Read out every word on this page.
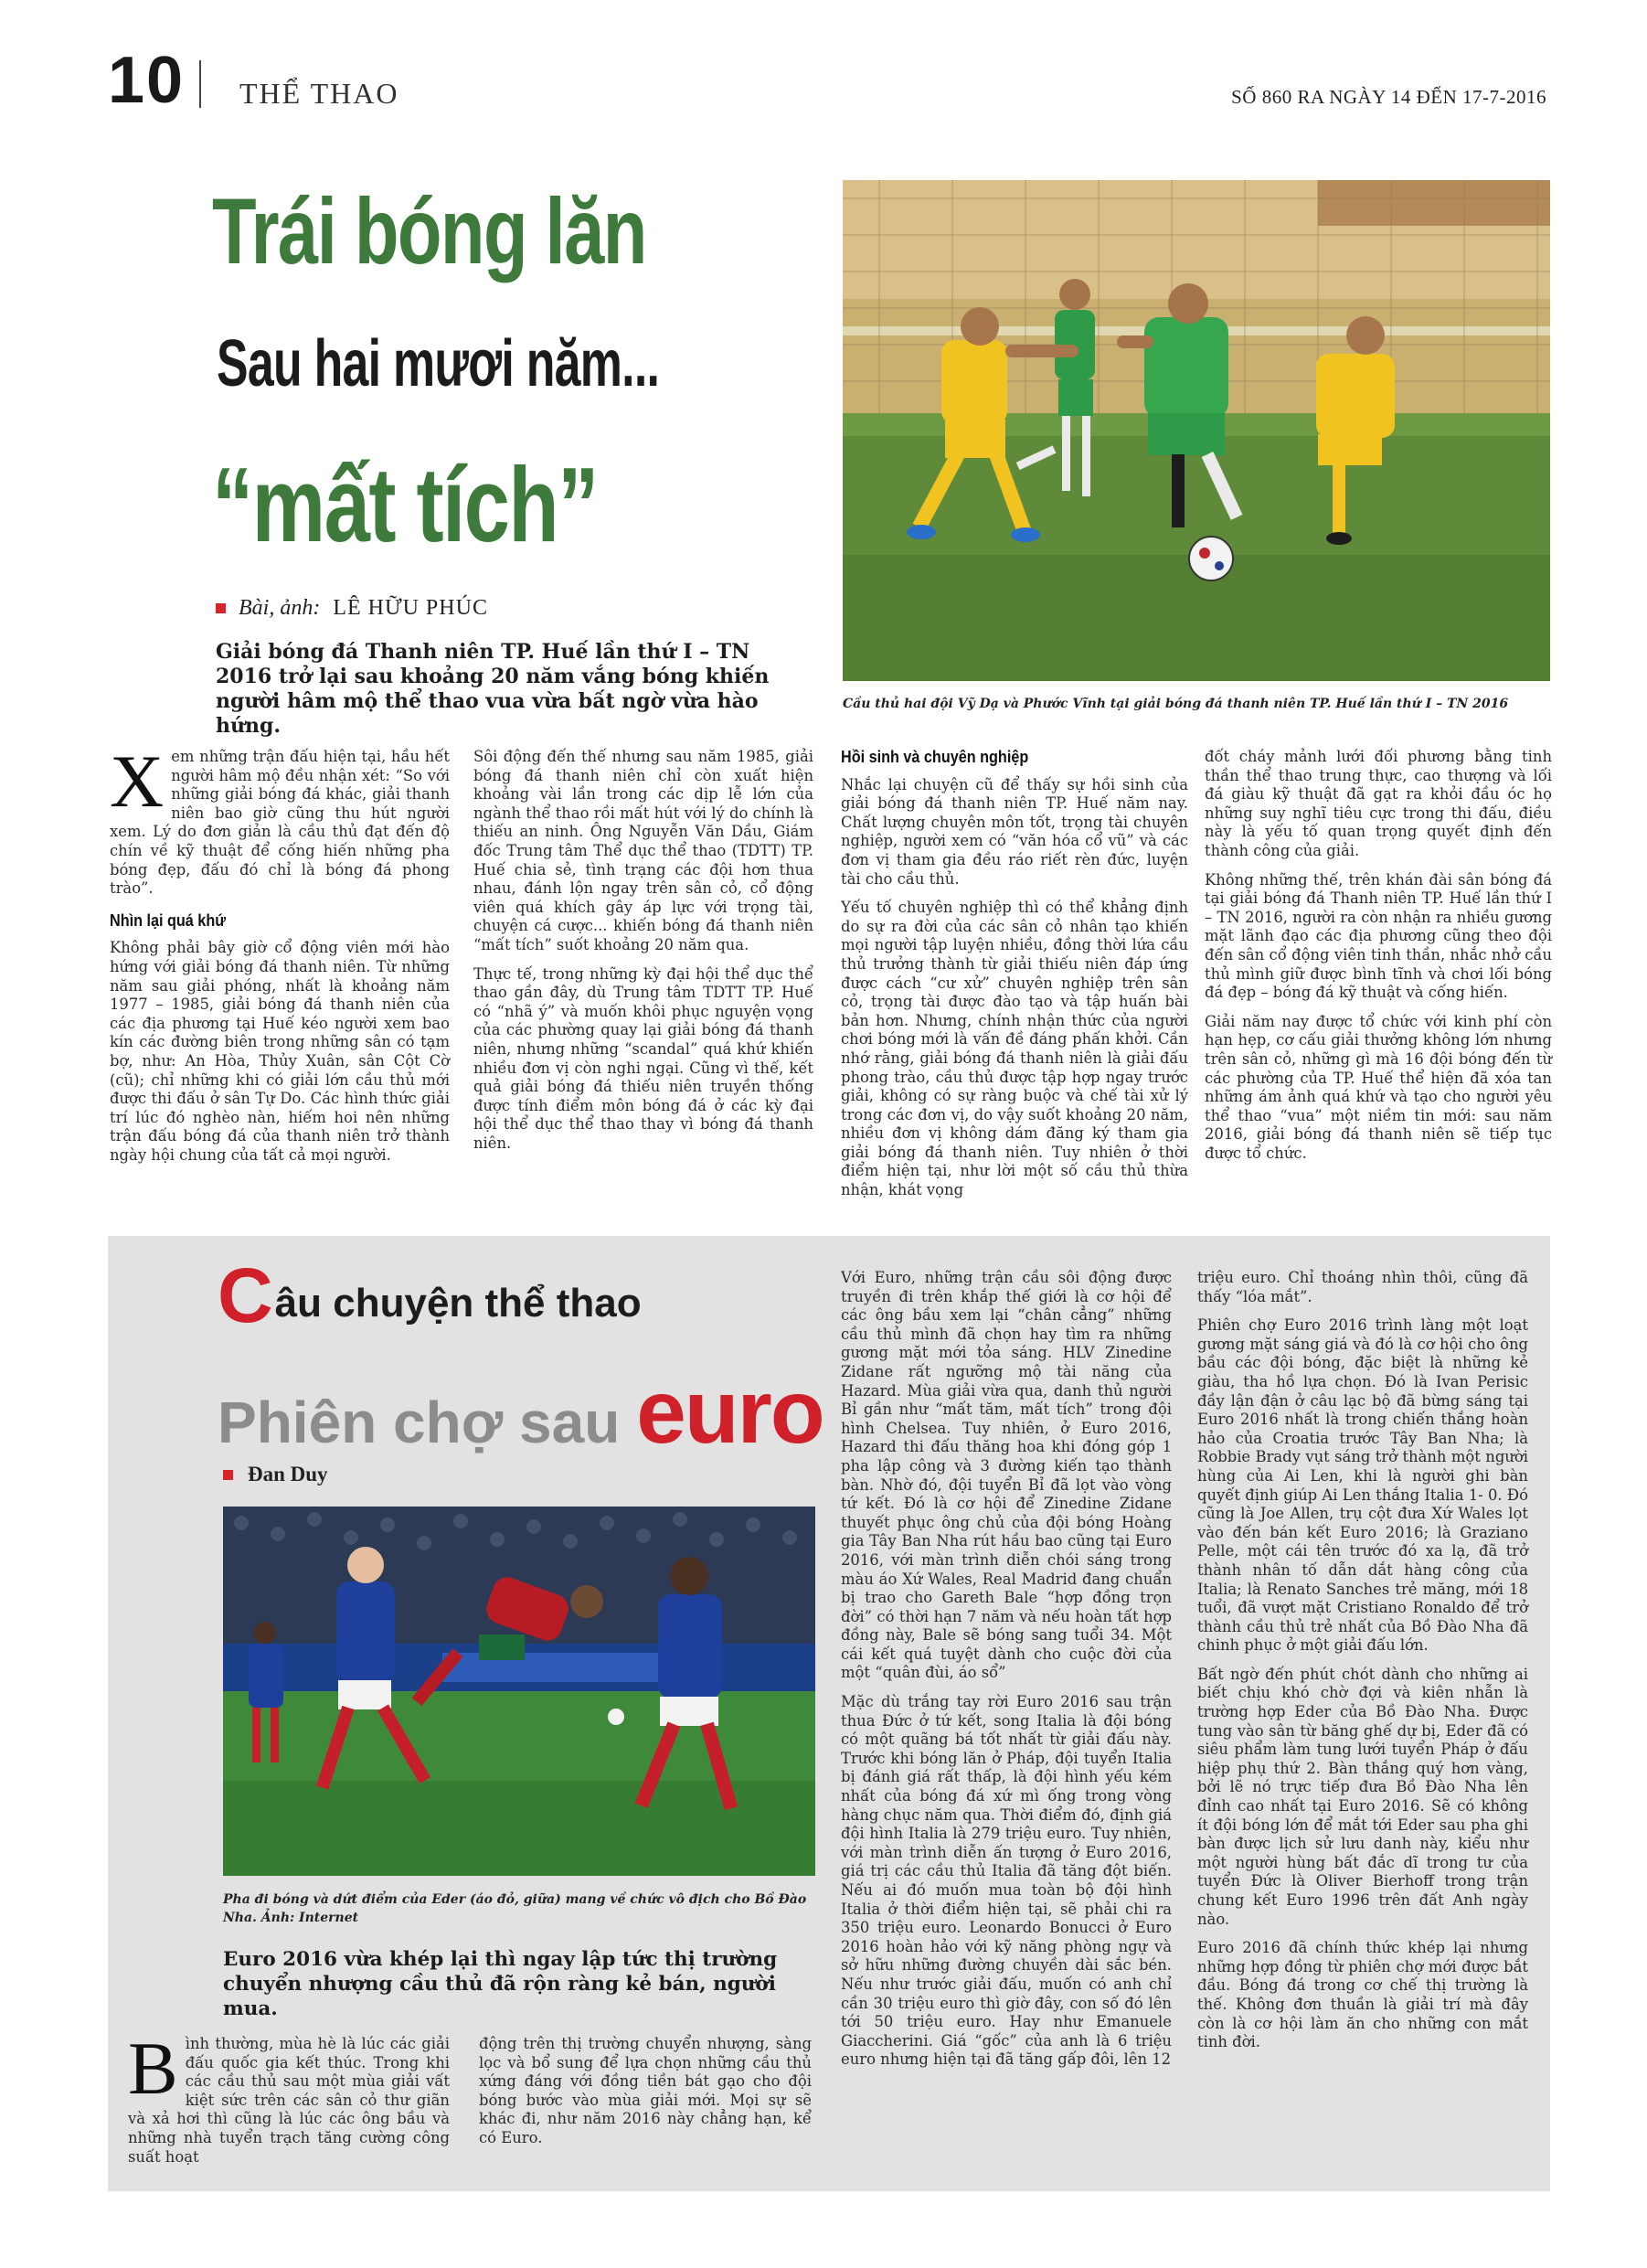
10 THỂ THAO	SỐ 860 RA NGÀY 14 ĐẾN 17-7-2016
Trái bóng lăn
Sau hai mươi năm...
“mất tích”
Bài, ảnh: LÊ HỮU PHÚC
Giải bóng đá Thanh niên TP. Huế lần thứ I – TN 2016 trở lại sau khoảng 20 năm vắng bóng khiến người hâm mộ thể thao vua vừa bất ngờ vừa hào hứng.
Cầu thủ hai đội Vỹ Dạ và Phước Vĩnh tại giải bóng đá thanh niên TP. Huế lần thứ I – TN 2016

Xem những trận đấu hiện tại, hầu hết người hâm mộ đều nhận xét: “So với những giải bóng đá khác, giải thanh niên bao giờ cũng thu hút người xem. Lý do đơn giản là cầu thủ đạt đến độ chín về kỹ thuật để cống hiến những pha bóng đẹp, đấu đó chỉ là bóng đá phong trào”.

Nhìn lại quá khứ

Không phải bây giờ cổ động viên mới hào hứng với giải bóng đá thanh niên. Từ những năm sau giải phóng, nhất là khoảng năm 1977 – 1985, giải bóng đá thanh niên của các địa phương tại Huế kéo người xem bao kín các đường biên trong những sân có tạm bợ, như: An Hòa, Thủy Xuân, sân Cột Cờ (cũ); chỉ những khi có giải lớn cầu thủ mới được thi đấu ở sân Tự Do. Các hình thức giải trí lúc đó nghèo nàn, hiếm hoi nên những trận đấu bóng đá của thanh niên trở thành ngày hội chung của tất cả mọi người.

Sôi động đến thế nhưng sau năm 1985, giải bóng đá thanh niên chỉ còn xuất hiện khoảng vài lần trong các dịp lễ lớn của ngành thể thao rồi mất hút với lý do chính là thiếu an ninh. Ông Nguyễn Văn Dầu, Giám đốc Trung tâm Thể dục thể thao (TDTT) TP. Huế chia sẻ, tình trạng các đội hơn thua nhau, đánh lộn ngay trên sân cỏ, cổ động viên quá khích gây áp lực với trọng tài, chuyện cá cược... khiến bóng đá thanh niên “mất tích” suốt khoảng 20 năm qua.

Thực tế, trong những kỳ đại hội thể dục thể thao gần đây, dù Trung tâm TDTT TP. Huế có “nhã ý” và muốn khôi phục nguyện vọng của các phường quay lại giải bóng đá thanh niên, nhưng những “scandal” quá khứ khiến nhiều đơn vị còn nghi ngại. Cũng vì thế, kết quả giải bóng đá thiếu niên truyền thống được tính điểm môn bóng đá ở các kỳ đại hội thể dục thể thao thay vì bóng đá thanh niên.

Hồi sinh và chuyên nghiệp

Nhắc lại chuyện cũ để thấy sự hồi sinh của giải bóng đá thanh niên TP. Huế năm nay. Chất lượng chuyên môn tốt, trọng tài chuyên nghiệp, người xem có “văn hóa cổ vũ” và các đơn vị tham gia đều ráo riết rèn đức, luyện tài cho cầu thủ.

Yếu tố chuyên nghiệp thì có thể khẳng định do sự ra đời của các sân cỏ nhân tạo khiến mọi người tập luyện nhiều, đồng thời lứa cầu thủ trưởng thành từ giải thiếu niên đáp ứng được cách “cư xử” chuyên nghiệp trên sân cỏ, trọng tài được đào tạo và tập huấn bài bản hơn. Nhưng, chính nhận thức của người chơi bóng mới là vấn đề đáng phấn khởi. Cần nhớ rằng, giải bóng đá thanh niên là giải đấu phong trào, cầu thủ được tập hợp ngay trước giải, không có sự ràng buộc và chế tài xử lý trong các đơn vị, do vậy suốt khoảng 20 năm, nhiều đơn vị không dám đăng ký tham gia giải bóng đá thanh niên. Tuy nhiên ở thời điểm hiện tại, như lời một số cầu thủ thừa nhận, khát vọng

đốt cháy mảnh lưới đối phương bằng tinh thần thể thao trung thực, cao thượng và lối đá giàu kỹ thuật đã gạt ra khỏi đầu óc họ những suy nghĩ tiêu cực trong thi đấu, điều này là yếu tố quan trọng quyết định đến thành công của giải.

Không những thế, trên khán đài sân bóng đá tại giải bóng đá Thanh niên TP. Huế lần thứ I – TN 2016, người ra còn nhận ra nhiều gương mặt lãnh đạo các địa phương cũng theo đội đến sân cổ động viên tinh thần, nhắc nhở cầu thủ mình giữ được bình tĩnh và chơi lối bóng đá đẹp – bóng đá kỹ thuật và cống hiến.

Giải năm nay được tổ chức với kinh phí còn hạn hẹp, cơ cấu giải thưởng không lớn nhưng trên sân cỏ, những gì mà 16 đội bóng đến từ các phường của TP. Huế thể hiện đã xóa tan những ám ảnh quá khứ và tạo cho người yêu thể thao “vua” một niềm tin mới: sau năm 2016, giải bóng đá thanh niên sẽ tiếp tục được tổ chức.

C âu chuyện thể thao
Phiên chợ sau euro
Đan Duy
Pha đi bóng và dứt điểm của Eder (áo đỏ, giữa) mang về chức vô địch cho Bồ Đào Nha. Ảnh: Internet
Euro 2016 vừa khép lại thì ngay lập tức thị trường chuyển nhượng cầu thủ đã rộn ràng kẻ bán, người mua.

Bình thường, mùa hè là lúc các giải đấu quốc gia kết thúc. Trong khi các cầu thủ sau một mùa giải vất kiệt sức trên các sân cỏ thư giãn và xả hơi thì cũng là lúc các ông bầu và những nhà tuyển trạch tăng cường công suất hoạt

động trên thị trường chuyển nhượng, sàng lọc và bổ sung để lựa chọn những cầu thủ xứng đáng với đồng tiền bát gạo cho đội bóng bước vào mùa giải mới. Mọi sự sẽ khác đi, như năm 2016 này chẳng hạn, kể có Euro.

Với Euro, những trận cầu sôi động được truyền đi trên khắp thế giới là cơ hội để các ông bầu xem lại “chân cẳng” những cầu thủ mình đã chọn hay tìm ra những gương mặt mới tỏa sáng. HLV Zinedine Zidane rất ngưỡng mộ tài năng của Hazard. Mùa giải vừa qua, danh thủ người Bỉ gần như “mất tăm, mất tích” trong đội hình Chelsea. Tuy nhiên, ở Euro 2016, Hazard thi đấu thăng hoa khi đóng góp 1 pha lập công và 3 đường kiến tạo thành bàn. Nhờ đó, đội tuyển Bỉ đã lọt vào vòng tứ kết. Đó là cơ hội để Zinedine Zidane thuyết phục ông chủ của đội bóng Hoàng gia Tây Ban Nha rút hầu bao cũng tại Euro 2016, với màn trình diễn chói sáng trong màu áo Xứ Wales, Real Madrid đang chuẩn bị trao cho Gareth Bale “hợp đồng trọn đời” có thời hạn 7 năm và nếu hoàn tất hợp đồng này, Bale sẽ bóng sang tuổi 34. Một cái kết quá tuyệt dành cho cuộc đời của một “quân đùi, áo sổ”

Mặc dù trắng tay rời Euro 2016 sau trận thua Đức ở tứ kết, song Italia là đội bóng có một quãng bá tốt nhất từ giải đấu này. Trước khi bóng lăn ở Pháp, đội tuyển Italia bị đánh giá rất thấp, là đội hình yếu kém nhất của bóng đá xứ mì ống trong vòng hàng chục năm qua. Thời điểm đó, định giá đội hình Italia là 279 triệu euro. Tuy nhiên, với màn trình diễn ấn tượng ở Euro 2016, giá trị các cầu thủ Italia đã tăng đột biến. Nếu ai đó muốn mua toàn bộ đội hình Italia ở thời điểm hiện tại, sẽ phải chi ra 350 triệu euro. Leonardo Bonucci ở Euro 2016 hoàn hảo với kỹ năng phòng ngự và sở hữu những đường chuyền dài sắc bén. Nếu như trước giải đấu, muốn có anh chỉ cần 30 triệu euro thì giờ đây, con số đó lên tới 50 triệu euro. Hay như Emanuele Giaccherini. Giá “gốc” của anh là 6 triệu euro nhưng hiện tại đã tăng gấp đôi, lên 12

triệu euro. Chỉ thoáng nhìn thôi, cũng đã thấy “lóa mắt”.

Phiên chợ Euro 2016 trình làng một loạt gương mặt sáng giá và đó là cơ hội cho ông bầu các đội bóng, đặc biệt là những kẻ giàu, tha hồ lựa chọn. Đó là Ivan Perisic đầy lận đận ở câu lạc bộ đã bừng sáng tại Euro 2016 nhất là trong chiến thắng hoàn hảo của Croatia trước Tây Ban Nha; là Robbie Brady vụt sáng trở thành một người hùng của Ai Len, khi là người ghi bàn quyết định giúp Ai Len thắng Italia 1- 0. Đó cũng là Joe Allen, trụ cột đưa Xứ Wales lọt vào đến bán kết Euro 2016; là Graziano Pelle, một cái tên trước đó xa lạ, đã trở thành nhân tố dẫn dắt hàng công của Italia; là Renato Sanches trẻ măng, mới 18 tuổi, đã vượt mặt Cristiano Ronaldo để trở thành cầu thủ trẻ nhất của Bồ Đào Nha đã chinh phục ở một giải đấu lớn.

Bất ngờ đến phút chót dành cho những ai biết chịu khó chờ đợi và kiên nhẫn là trường hợp Eder của Bồ Đào Nha. Được tung vào sân từ băng ghế dự bị, Eder đã có siêu phẩm làm tung lưới tuyển Pháp ở đấu hiệp phụ thứ 2. Bàn thắng quý hơn vàng, bởi lẽ nó trực tiếp đưa Bồ Đào Nha lên đỉnh cao nhất tại Euro 2016. Sẽ có không ít đội bóng lớn để mắt tới Eder sau pha ghi bàn được lịch sử lưu danh này, kiểu như một người hùng bất đắc dĩ trong tư của tuyển Đức là Oliver Bierhoff trong trận chung kết Euro 1996 trên đất Anh ngày nào.

Euro 2016 đã chính thức khép lại nhưng những hợp đồng từ phiên chợ mới được bắt đầu. Bóng đá trong cơ chế thị trường là thế. Không đơn thuần là giải trí mà đây còn là cơ hội làm ăn cho những con mắt tinh đời.
